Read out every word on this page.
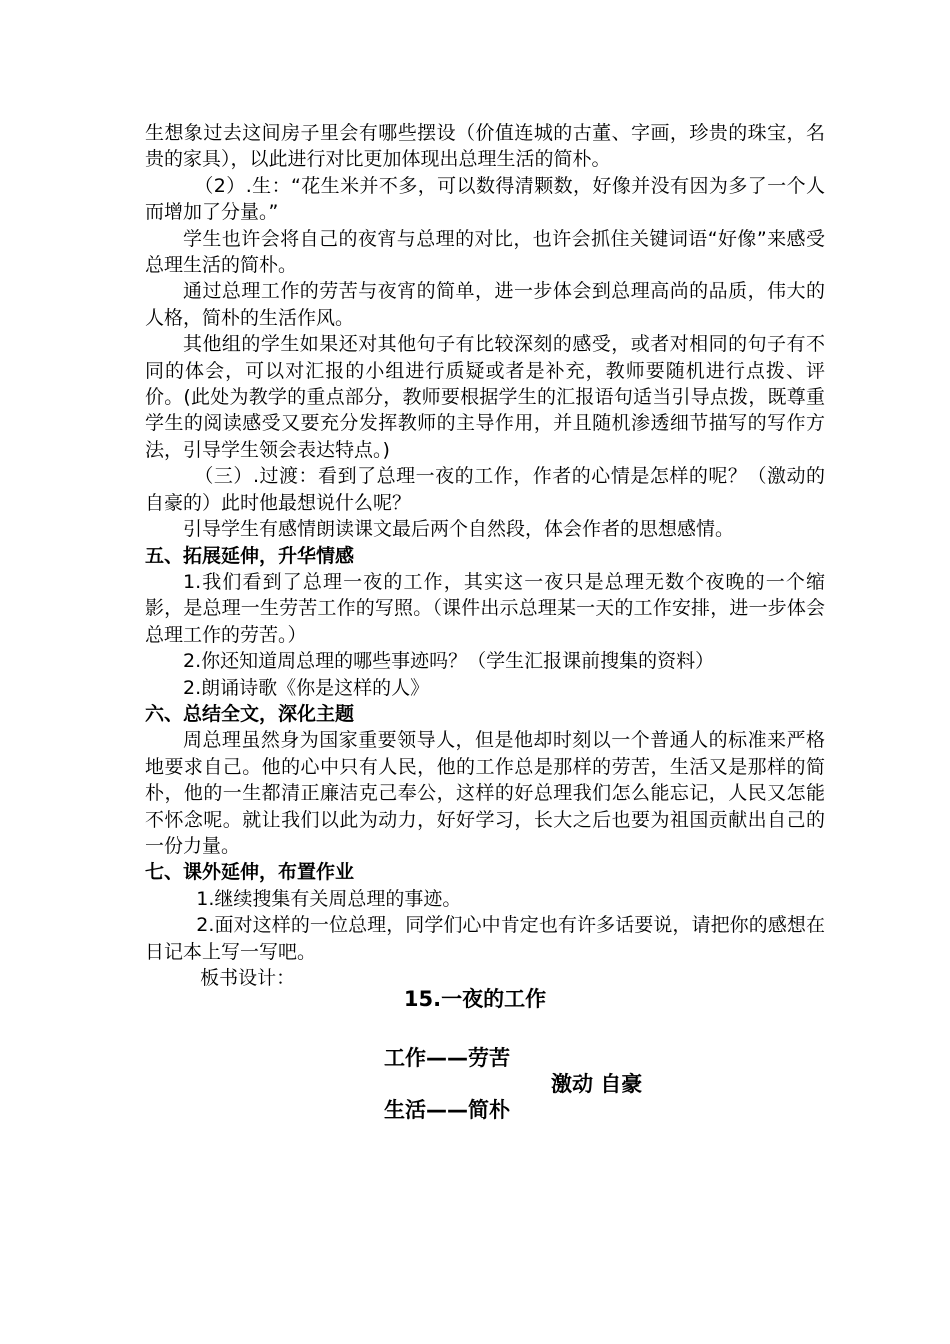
生想象过去这间房子里会有哪些摆设（价值连城的古董、字画，珍贵的珠宝，名贵的家具），以此进行对比更加体现出总理生活的简朴。

（2）.生：“花生米并不多，可以数得清颗数，好像并没有因为多了一个人而增加了分量。”

学生也许会将自己的夜宵与总理的对比，也许会抓住关键词语“好像”来感受总理生活的简朴。

通过总理工作的劳苦与夜宵的简单，进一步体会到总理高尚的品质，伟大的人格，简朴的生活作风。

其他组的学生如果还对其他句子有比较深刻的感受，或者对相同的句子有不同的体会，可以对汇报的小组进行质疑或者是补充，教师要随机进行点拨、评价。(此处为教学的重点部分，教师要根据学生的汇报语句适当引导点拨，既尊重学生的阅读感受又要充分发挥教师的主导作用，并且随机渗透细节描写的写作方法，引导学生领会表达特点。)

（三）.过渡：看到了总理一夜的工作，作者的心情是怎样的呢？（激动的自豪的）此时他最想说什么呢？

引导学生有感情朗读课文最后两个自然段，体会作者的思想感情。

五、拓展延伸，升华情感

1.我们看到了总理一夜的工作，其实这一夜只是总理无数个夜晚的一个缩影，是总理一生劳苦工作的写照。（课件出示总理某一天的工作安排，进一步体会总理工作的劳苦。）

2.你还知道周总理的哪些事迹吗？（学生汇报课前搜集的资料）

2.朗诵诗歌《你是这样的人》

六、总结全文，深化主题

周总理虽然身为国家重要领导人，但是他却时刻以一个普通人的标准来严格地要求自己。他的心中只有人民，他的工作总是那样的劳苦，生活又是那样的简朴，他的一生都清正廉洁克己奉公，这样的好总理我们怎么能忘记，人民又怎能不怀念呢。就让我们以此为动力，好好学习，长大之后也要为祖国贡献出自己的一份力量。

七、课外延伸，布置作业

1.继续搜集有关周总理的事迹。

2.面对这样的一位总理，同学们心中肯定也有许多话要说，请把你的感想在日记本上写一写吧。

板书设计：

15.一夜的工作
工作——劳苦
激动 自豪
生活——简朴
